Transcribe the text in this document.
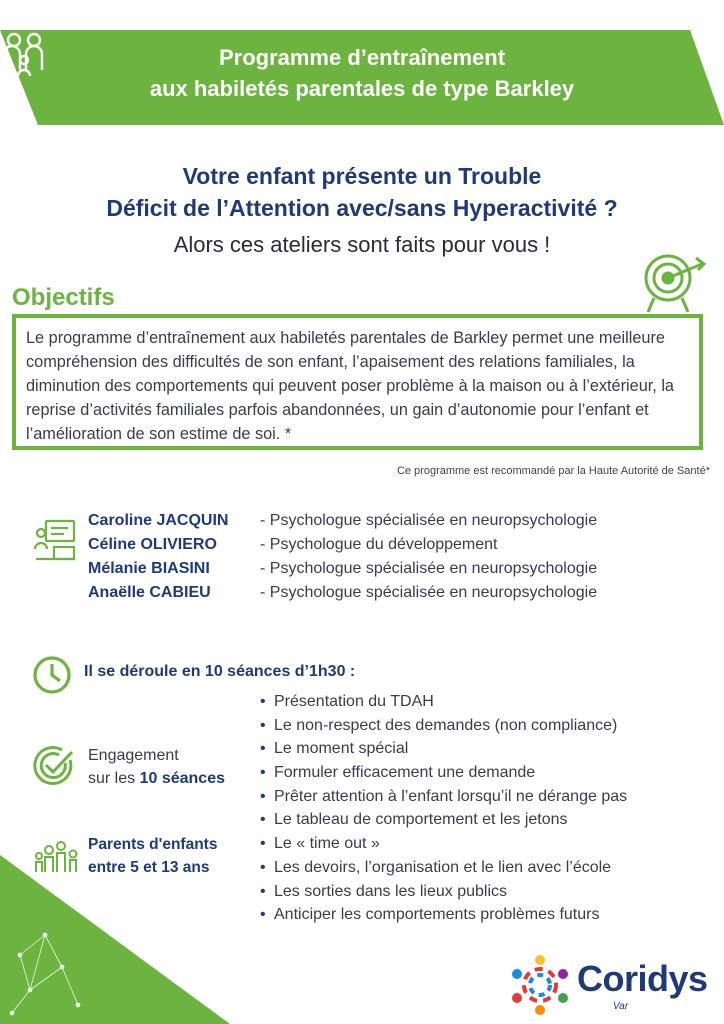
Programme d’entraînement
aux habiletés parentales de type Barkley
Votre enfant présente un Trouble
Déficit de l’Attention avec/sans Hyperactivité ?
Alors ces ateliers sont faits pour vous !
Objectifs
Le programme d’entraînement aux habiletés parentales de Barkley permet une meilleure compréhension des difficultés de son enfant, l’apaisement des relations familiales, la diminution des comportements qui peuvent poser problème à la maison ou à l’extérieur, la reprise d’activités familiales parfois abandonnées, un gain d’autonomie pour l’enfant et l’amélioration de son estime de soi. *
Ce programme est recommandé par la Haute Autorité de Santé*
Caroline JACQUIN	- Psychologue spécialisée en neuropsychologie
Céline OLIVIERO	- Psychologue du développement
Mélanie BIASINI	- Psychologue spécialisée en neuropsychologie
Anaëlle CABIEU	- Psychologue spécialisée en neuropsychologie
Il se déroule en 10 séances d’1h30 :
Engagement
sur les 10 séances
Parents d'enfants
entre 5 et 13 ans
• Présentation du TDAH
• Le non-respect des demandes (non compliance)
• Le moment spécial
• Formuler efficacement une demande
• Prêter attention à l’enfant lorsqu’il ne dérange pas
• Le tableau de comportement et les jetons
• Le « time out »
• Les devoirs, l’organisation et le lien avec l’école
• Les sorties dans les lieux publics
• Anticiper les comportements problèmes futurs
Coridys
Var
